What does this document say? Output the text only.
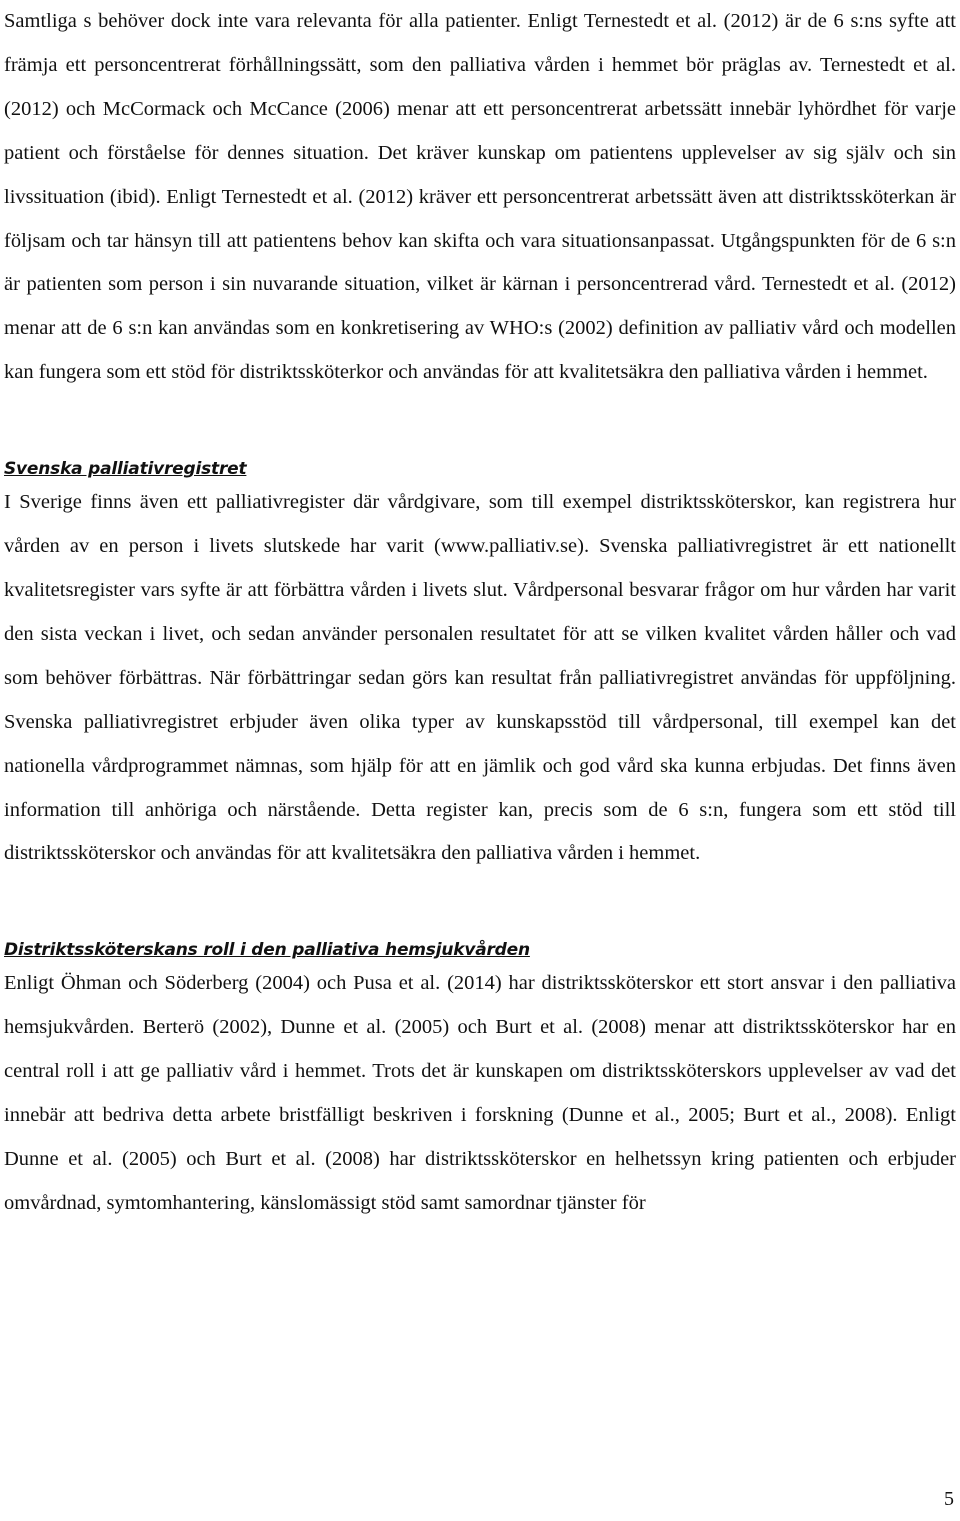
Samtliga s behöver dock inte vara relevanta för alla patienter. Enligt Ternestedt et al. (2012) är de 6 s:ns syfte att främja ett personcentrerat förhållningssätt, som den palliativa vården i hemmet bör präglas av. Ternestedt et al. (2012) och McCormack och McCance (2006) menar att ett personcentrerat arbetssätt innebär lyhördhet för varje patient och förståelse för dennes situation. Det kräver kunskap om patientens upplevelser av sig själv och sin livssituation (ibid). Enligt Ternestedt et al. (2012) kräver ett personcentrerat arbetssätt även att distriktssköterkan är följsam och tar hänsyn till att patientens behov kan skifta och vara situationsanpassat. Utgångspunkten för de 6 s:n är patienten som person i sin nuvarande situation, vilket är kärnan i personcentrerad vård. Ternestedt et al. (2012) menar att de 6 s:n kan användas som en konkretisering av WHO:s (2002) definition av palliativ vård och modellen kan fungera som ett stöd för distriktssköterkor och användas för att kvalitetsäkra den palliativa vården i hemmet.

Svenska palliativregistret

I Sverige finns även ett palliativregister där vårdgivare, som till exempel distriktssköterskor, kan registrera hur vården av en person i livets slutskede har varit (www.palliativ.se). Svenska palliativregistret är ett nationellt kvalitetsregister vars syfte är att förbättra vården i livets slut. Vårdpersonal besvarar frågor om hur vården har varit den sista veckan i livet, och sedan använder personalen resultatet för att se vilken kvalitet vården håller och vad som behöver förbättras. När förbättringar sedan görs kan resultat från palliativregistret användas för uppföljning. Svenska palliativregistret erbjuder även olika typer av kunskapsstöd till vårdpersonal, till exempel kan det nationella vårdprogrammet nämnas, som hjälp för att en jämlik och god vård ska kunna erbjudas. Det finns även information till anhöriga och närstående. Detta register kan, precis som de 6 s:n, fungera som ett stöd till distriktssköterskor och användas för att kvalitetsäkra den palliativa vården i hemmet.

Distriktssköterskans roll i den palliativa hemsjukvården

Enligt Öhman och Söderberg (2004) och Pusa et al. (2014) har distriktssköterskor ett stort ansvar i den palliativa hemsjukvården. Berterö (2002), Dunne et al. (2005) och Burt et al. (2008) menar att distriktssköterskor har en central roll i att ge palliativ vård i hemmet. Trots det är kunskapen om distriktssköterskors upplevelser av vad det innebär att bedriva detta arbete bristfälligt beskriven i forskning (Dunne et al., 2005; Burt et al., 2008). Enligt Dunne et al. (2005) och Burt et al. (2008) har distriktssköterskor en helhetssyn kring patienten och erbjuder omvårdnad, symtomhantering, känslomässigt stöd samt samordnar tjänster för

5
